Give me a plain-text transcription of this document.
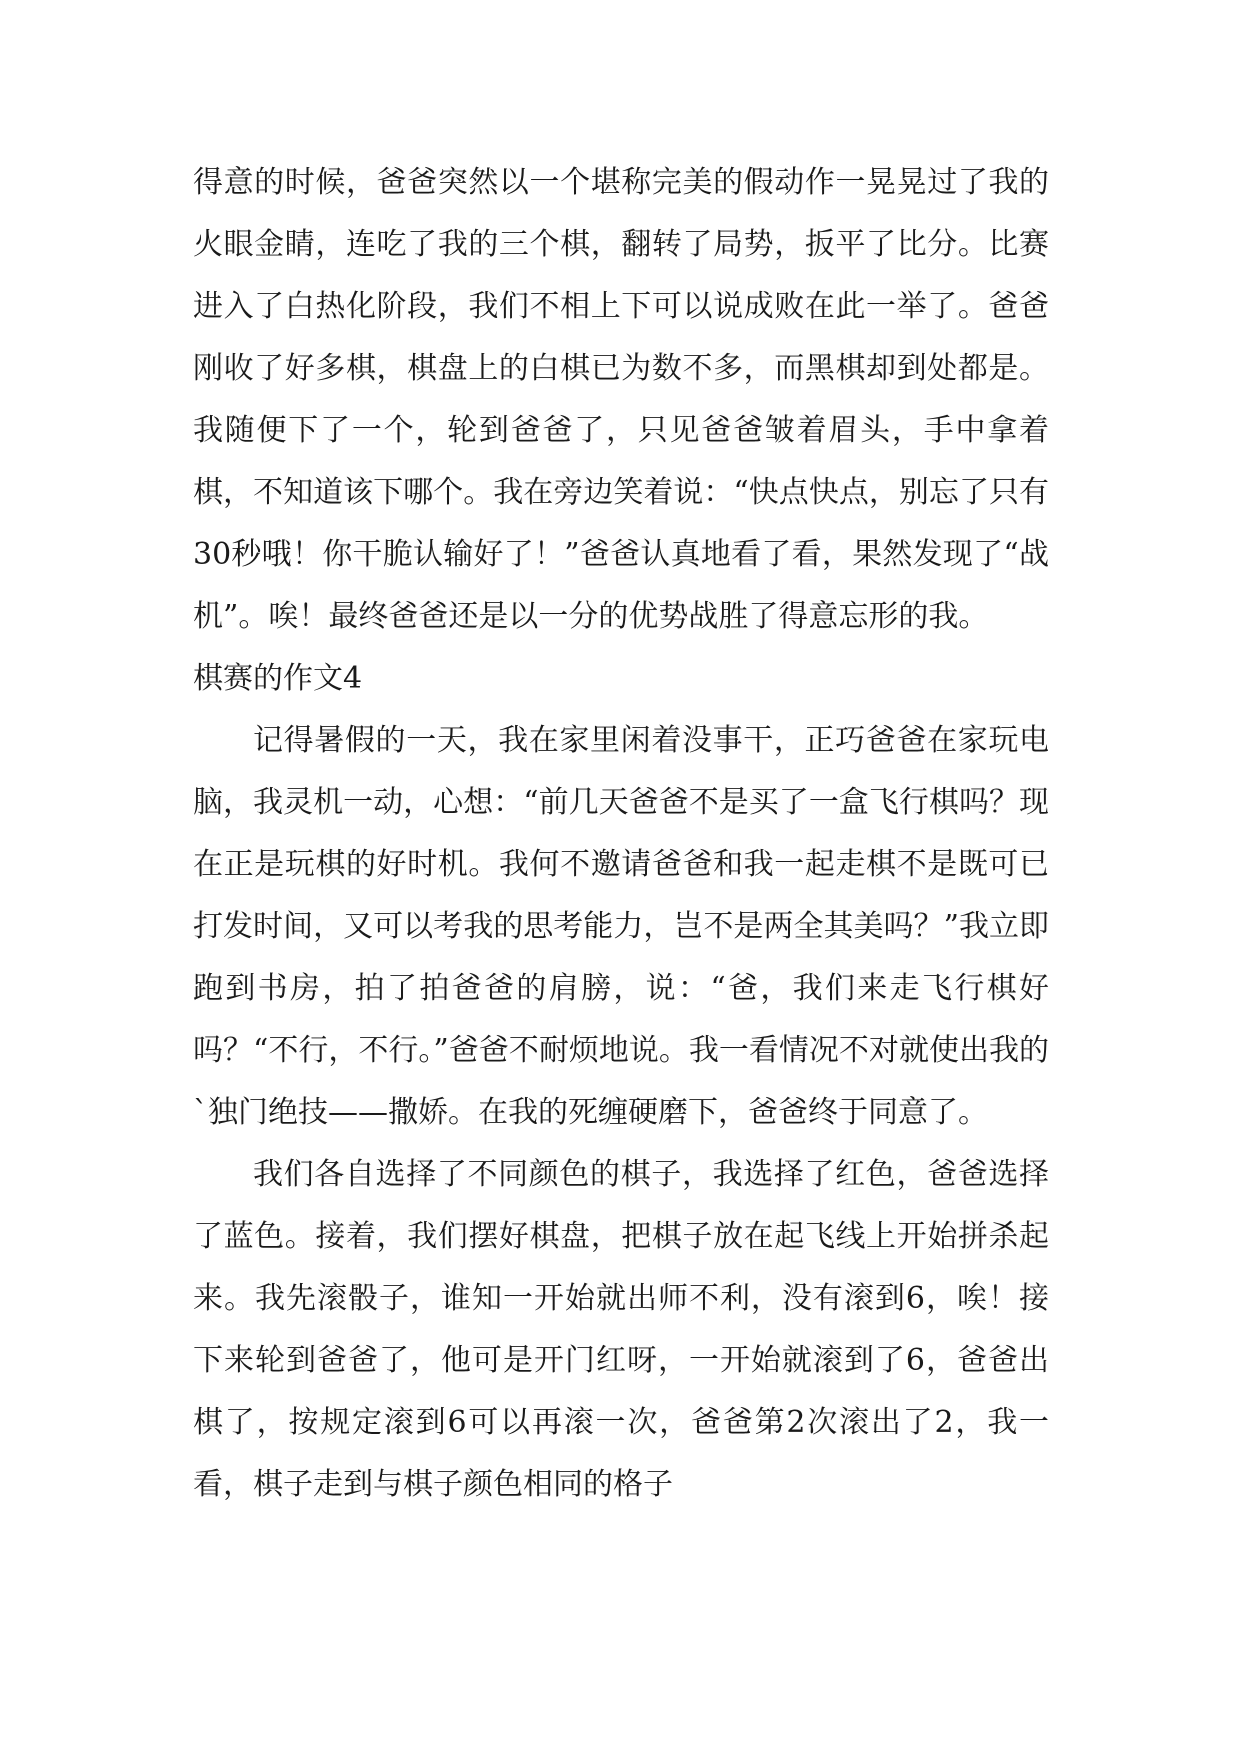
得意的时候，爸爸突然以一个堪称完美的假动作一晃晃过了我的火眼金睛，连吃了我的三个棋，翻转了局势，扳平了比分。比赛进入了白热化阶段，我们不相上下可以说成败在此一举了。爸爸刚收了好多棋，棋盘上的白棋已为数不多，而黑棋却到处都是。我随便下了一个，轮到爸爸了，只见爸爸皱着眉头，手中拿着棋，不知道该下哪个。我在旁边笑着说：“快点快点，别忘了只有30秒哦！你干脆认输好了！”爸爸认真地看了看，果然发现了“战机”。唉！最终爸爸还是以一分的优势战胜了得意忘形的我。

棋赛的作文4

记得暑假的一天，我在家里闲着没事干，正巧爸爸在家玩电脑，我灵机一动，心想：“前几天爸爸不是买了一盒飞行棋吗？现在正是玩棋的好时机。我何不邀请爸爸和我一起走棋不是既可已打发时间，又可以考我的思考能力，岂不是两全其美吗？”我立即跑到书房，拍了拍爸爸的肩膀，说：“爸，我们来走飞行棋好吗？“不行，不行。”爸爸不耐烦地说。我一看情况不对就使出我的`独门绝技——撒娇。在我的死缠硬磨下，爸爸终于同意了。

我们各自选择了不同颜色的棋子，我选择了红色，爸爸选择了蓝色。接着，我们摆好棋盘，把棋子放在起飞线上开始拼杀起来。我先滚骰子，谁知一开始就出师不利，没有滚到6，唉！接下来轮到爸爸了，他可是开门红呀，一开始就滚到了6，爸爸出棋了，按规定滚到6可以再滚一次，爸爸第2次滚出了2，我一看，棋子走到与棋子颜色相同的格子
